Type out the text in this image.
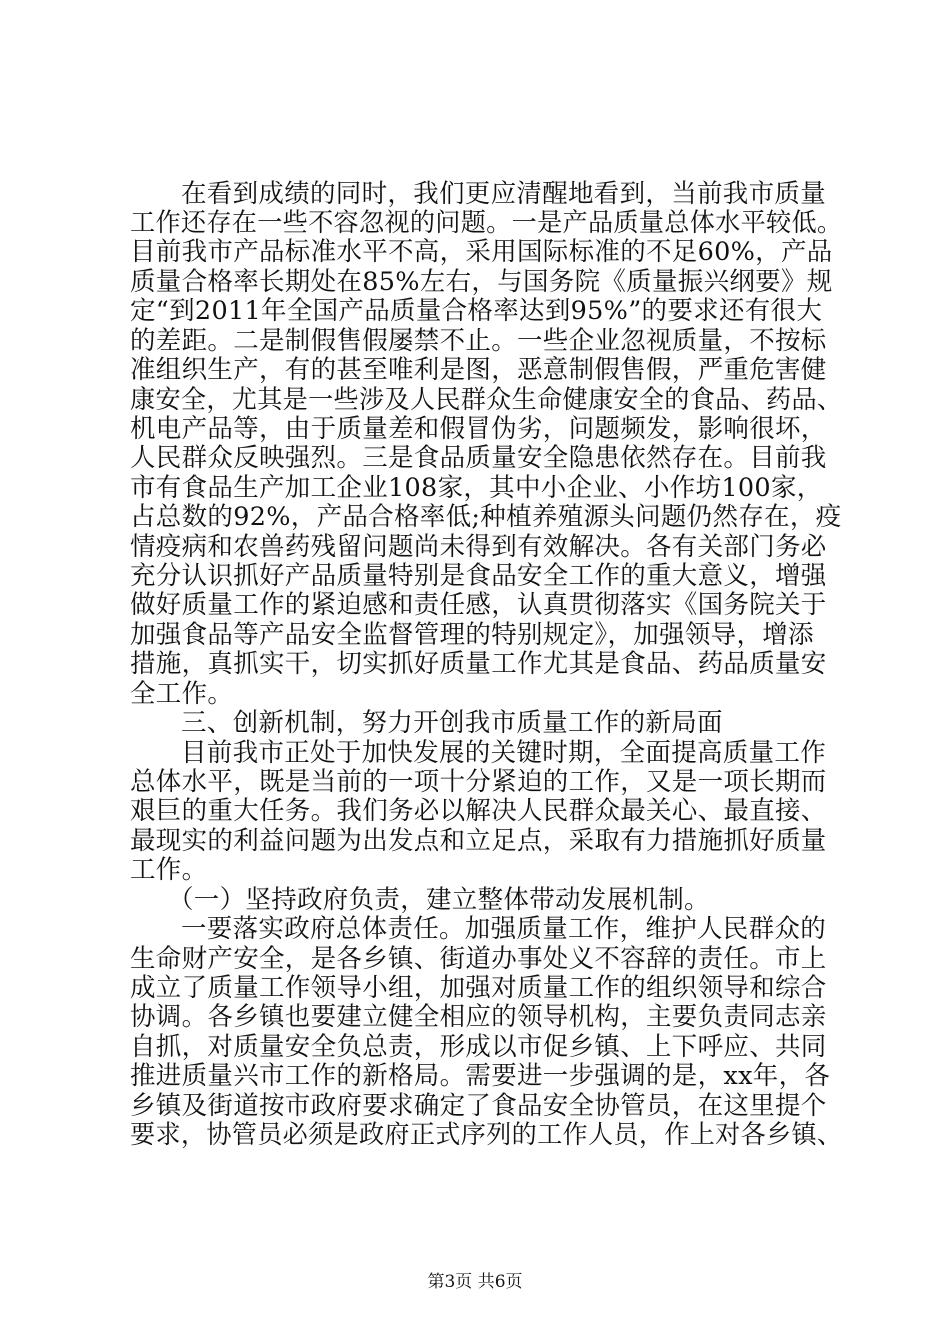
在看到成绩的同时，我们更应清醒地看到，当前我市质量
工作还存在一些不容忽视的问题。一是产品质量总体水平较低。
目前我市产品标准水平不高，采用国际标准的不足60%，产品
质量合格率长期处在85%左右，与国务院《质量振兴纲要》规
定“到2011年全国产品质量合格率达到95%”的要求还有很大
的差距。二是制假售假屡禁不止。一些企业忽视质量，不按标
准组织生产，有的甚至唯利是图，恶意制假售假，严重危害健
康安全，尤其是一些涉及人民群众生命健康安全的食品、药品、
机电产品等，由于质量差和假冒伪劣，问题频发，影响很坏，
人民群众反映强烈。三是食品质量安全隐患依然存在。目前我
市有食品生产加工企业108家，其中小企业、小作坊100家，
占总数的92%，产品合格率低;种植养殖源头问题仍然存在，疫
情疫病和农兽药残留问题尚未得到有效解决。各有关部门务必
充分认识抓好产品质量特别是食品安全工作的重大意义，增强
做好质量工作的紧迫感和责任感，认真贯彻落实《国务院关于
加强食品等产品安全监督管理的特别规定》，加强领导，增添
措施，真抓实干，切实抓好质量工作尤其是食品、药品质量安
全工作。
三、创新机制，努力开创我市质量工作的新局面
目前我市正处于加快发展的关键时期，全面提高质量工作
总体水平，既是当前的一项十分紧迫的工作，又是一项长期而
艰巨的重大任务。我们务必以解决人民群众最关心、最直接、
最现实的利益问题为出发点和立足点，采取有力措施抓好质量
工作。
（一）坚持政府负责，建立整体带动发展机制。
一要落实政府总体责任。加强质量工作，维护人民群众的
生命财产安全，是各乡镇、街道办事处义不容辞的责任。市上
成立了质量工作领导小组，加强对质量工作的组织领导和综合
协调。各乡镇也要建立健全相应的领导机构，主要负责同志亲
自抓，对质量安全负总责，形成以市促乡镇、上下呼应、共同
推进质量兴市工作的新格局。需要进一步强调的是，xx年，各
乡镇及街道按市政府要求确定了食品安全协管员，在这里提个
要求，协管员必须是政府正式序列的工作人员，作上对各乡镇、
第3页 共6页
